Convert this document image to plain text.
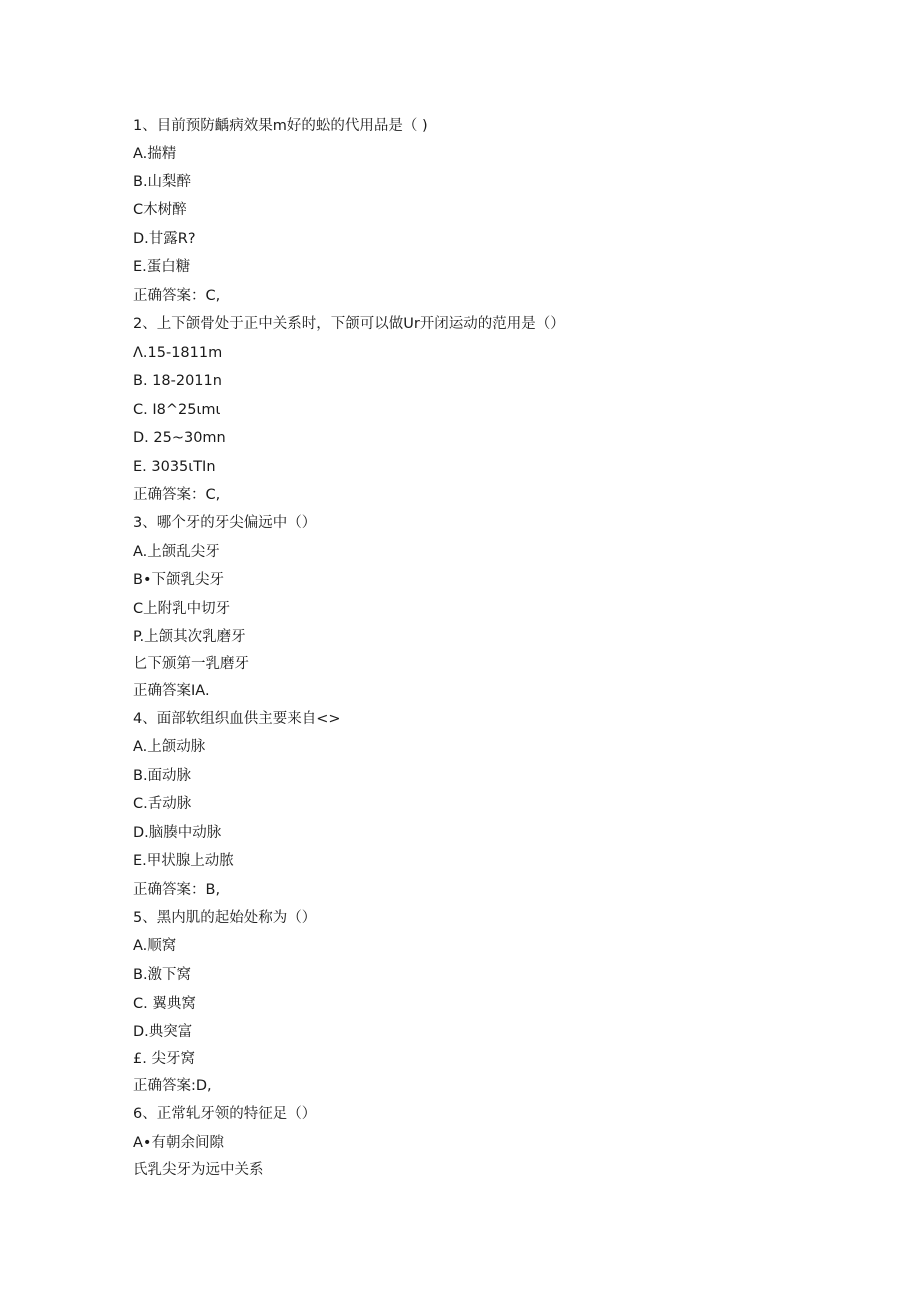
1、目前预防齲病效果m好的蚣的代用品是（ )
A.揣精
B.山梨醉
C木树醉
D.甘露R?
E.蛋白糖
正确答案：C,
2、上下颌骨处于正中关系时，下颌可以做Ur开闭运动的范用是（）
Λ.15-1811m
B. 18-2011n
C. I8^25ιmι
D. 25~30mn
E. 3035ιTIn
正确答案：C,
3、哪个牙的牙尖偏远中（）
A.上颌乱尖牙
B•下颌乳尖牙
C上附乳中切牙
P.上颌其次乳磨牙
匕下颁第一乳磨牙
正确答案IA.
4、面部软组织血供主要来自<>
A.上颌动脉
B.面动脉
C.舌动脉
D.脑腠中动脉
E.甲状腺上动脓
正确答案：B,
5、黑内肌的起始处称为（）
A.顺窝
B.激下窝
C. 翼典窝
D.典突富
£. 尖牙窝
正确答案:D,
6、正常轧牙领的特征足（）
A•有朝余间隙
氏乳尖牙为远中关系
